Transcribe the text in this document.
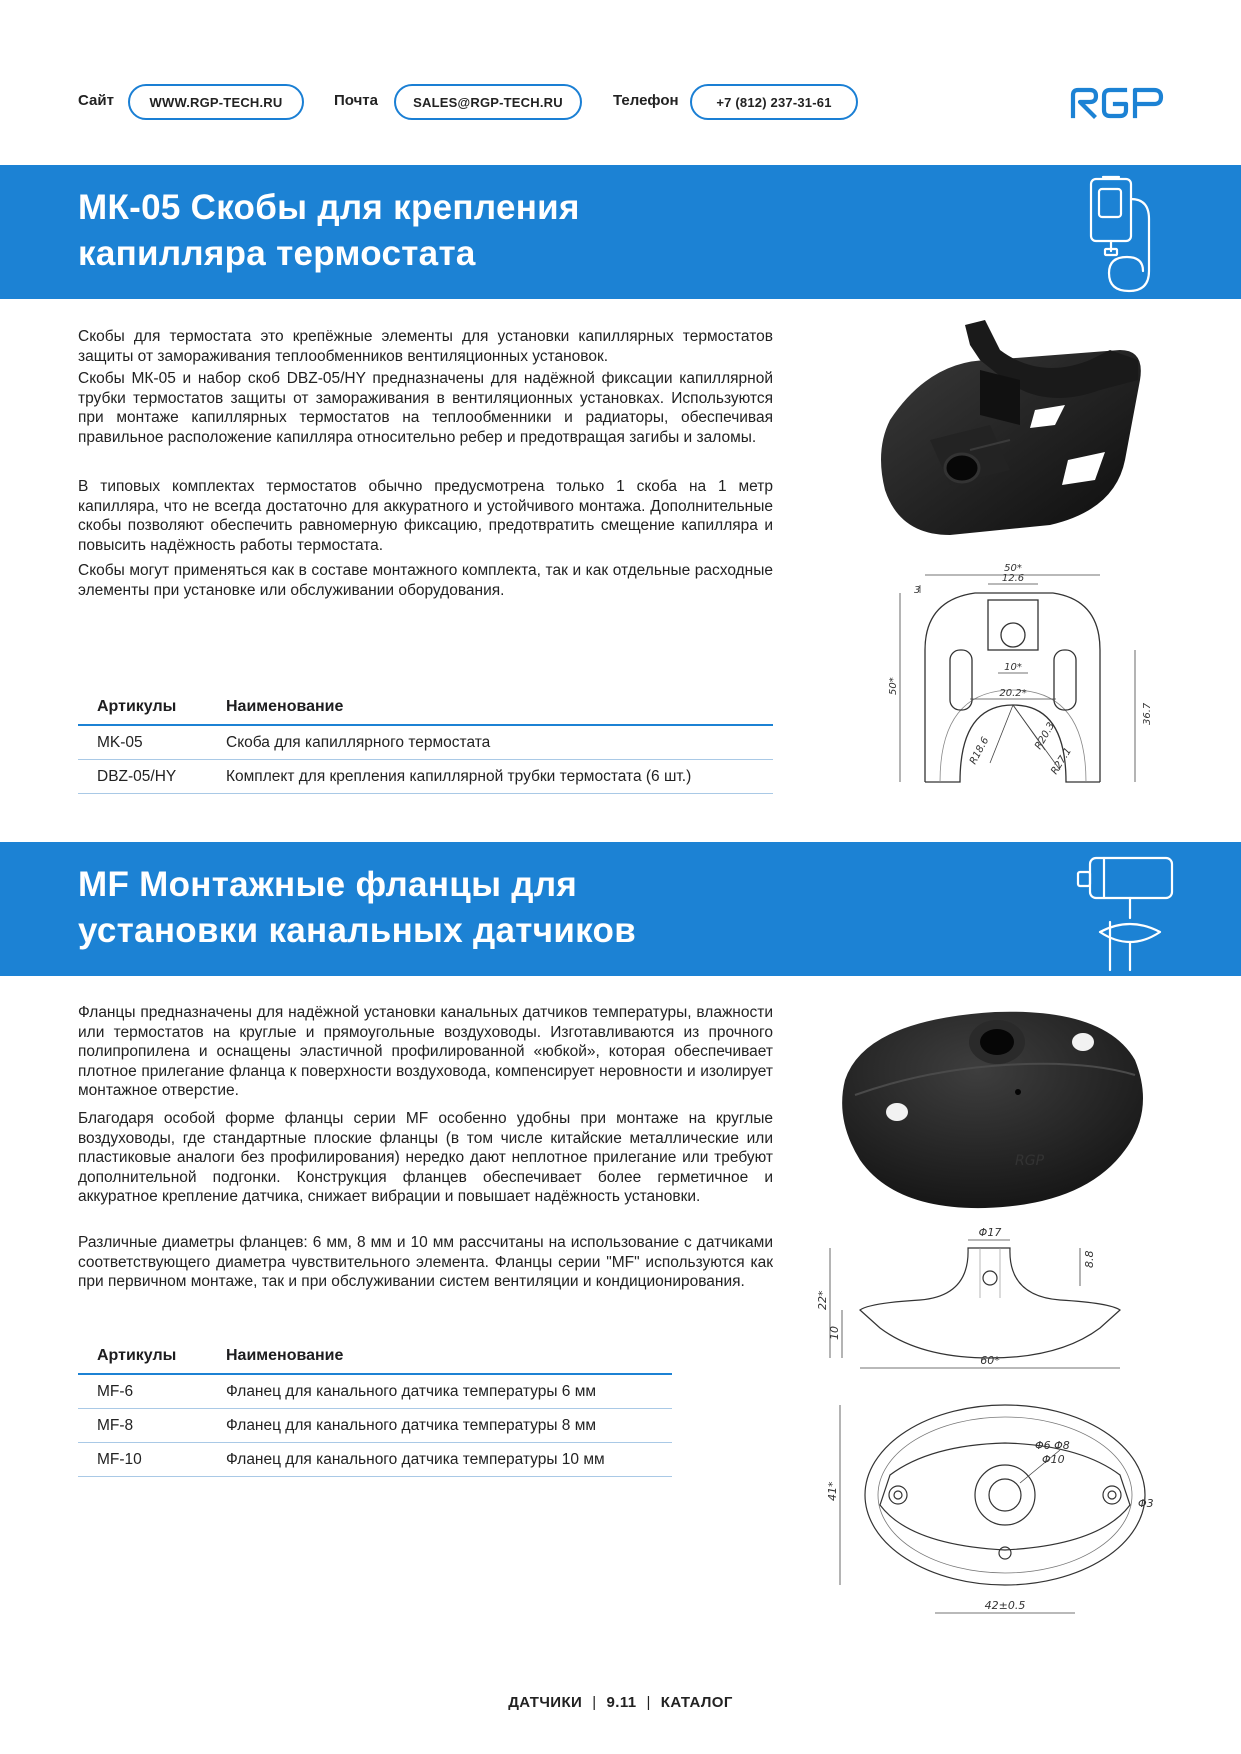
Сайт	WWW.RGP-TECH.RU	Почта	SALES@RGP-TECH.RU	Телефон	+7 (812) 237-31-61
МК-05 Скобы для крепления
капилляра термостата
Скобы для термостата это крепёжные элементы для установки капиллярных термостатов защиты от замораживания теплообменников вентиляционных установок.
Скобы МК-05 и набор скоб DBZ-05/HY предназначены для надёжной фиксации капиллярной трубки термостатов защиты от замораживания в вентиляционных установках. Используются при монтаже капиллярных термостатов на теплообменники и радиаторы, обеспечивая правильное расположение капилляра относительно ребер и предотвращая загибы и заломы.
В типовых комплектах термостатов обычно предусмотрена только 1 скоба на 1 метр капилляра, что не всегда достаточно для аккуратного и устойчивого монтажа. Дополнительные скобы позволяют обеспечить равномерную фиксацию, предотвратить смещение капилляра и повысить надёжность работы термостата.
Скобы могут применяться как в составе монтажного комплекта, так и как отдельные расходные элементы при установке или обслуживании оборудования.
Артикулы	Наименование
MK-05	Скоба для капиллярного термостата
DBZ-05/HY	Комплект для крепления капиллярной трубки термостата (6 шт.)
50*
12.6
3
50*
10*
20.2*
36.7
R18.6	R20.3
R27.1
MF Монтажные фланцы для
установки канальных датчиков
Фланцы предназначены для надёжной установки канальных датчиков температуры, влажности или термостатов на круглые и прямоугольные воздуховоды. Изготавливаются из прочного полипропилена и оснащены эластичной профилированной «юбкой», которая обеспечивает плотное прилегание фланца к поверхности воздуховода, компенсирует неровности и изолирует монтажное отверстие.
Благодаря особой форме фланцы серии MF особенно удобны при монтаже на круглые воздуховоды, где стандартные плоские фланцы (в том числе китайские металлические или пластиковые аналоги без профилирования) нередко дают неплотное прилегание или требуют дополнительной подгонки. Конструкция фланцев обеспечивает более герметичное и аккуратное крепление датчика, снижает вибрации и повышает надёжность установки.
Различные диаметры фланцев: 6 мм, 8 мм и 10 мм рассчитаны на использование с датчиками соответствующего диаметра чувствительного элемента. Фланцы серии "MF" используются как при первичном монтаже, так и при обслуживании систем вентиляции и кондиционирования.
Артикулы	Наименование
MF-6	Фланец для канального датчика температуры 6 мм
MF-8	Фланец для канального датчика температуры 8 мм
MF-10	Фланец для канального датчика температуры 10 мм
RGP
Φ17
8.8
22*
10
60*
Φ6 Φ8
Φ10
Φ3
41*
42±0.5
ДАТЧИКИ | 9.11 | КАТАЛОГ
